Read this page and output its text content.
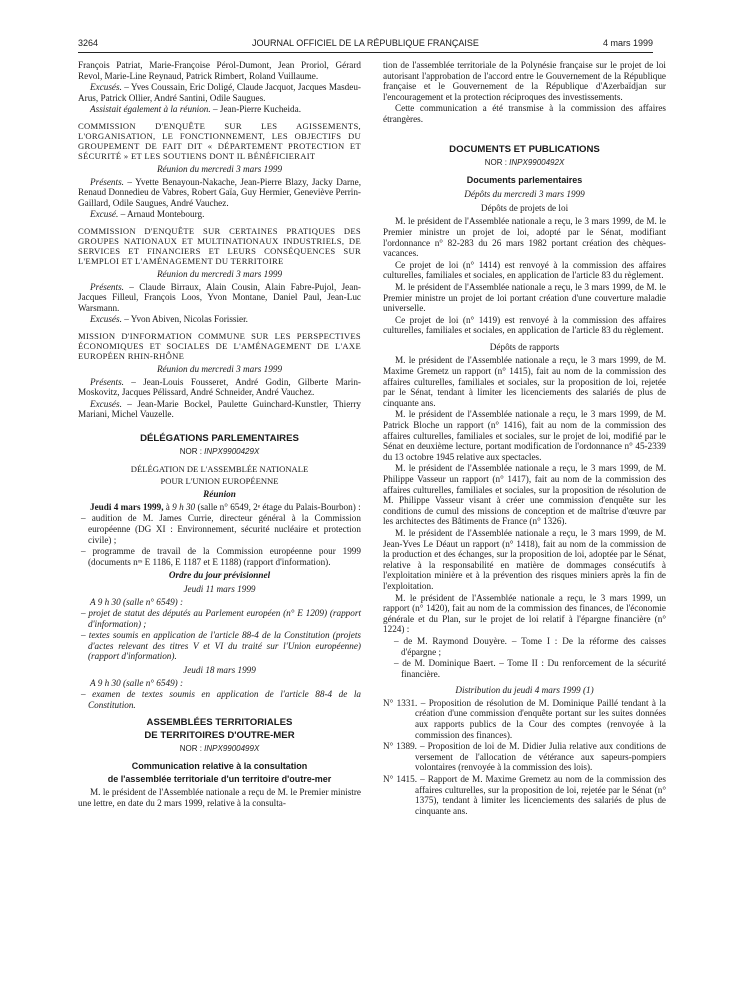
3264	JOURNAL OFFICIEL DE LA RÉPUBLIQUE FRANÇAISE	4 mars 1999

François Patriat, Marie-Françoise Pérol-Dumont, Jean Proriol, Gérard Revol, Marie-Line Reynaud, Patrick Rimbert, Roland Vuillaume.

Excusés. – Yves Coussain, Eric Doligé, Claude Jacquot, Jacques Masdeu-Arus, Patrick Ollier, André Santini, Odile Saugues.

Assistait également à la réunion. – Jean-Pierre Kucheida.

COMMISSION D'ENQUÊTE SUR LES AGISSEMENTS, L'ORGANISATION, LE FONCTIONNEMENT, LES OBJECTIFS DU GROUPEMENT DE FAIT DIT « DÉPARTEMENT PROTECTION ET SÉCURITÉ » ET LES SOUTIENS DONT IL BÉNÉFICIERAIT

Réunion du mercredi 3 mars 1999

Présents. – Yvette Benayoun-Nakache, Jean-Pierre Blazy, Jacky Darne, Renaud Donnedieu de Vabres, Robert Gaïa, Guy Hermier, Geneviève Perrin-Gaillard, Odile Saugues, André Vauchez.

Excusé. – Arnaud Montebourg.

COMMISSION D'ENQUÊTE SUR CERTAINES PRATIQUES DES GROUPES NATIONAUX ET MULTINATIONAUX INDUSTRIELS, DE SERVICES ET FINANCIERS ET LEURS CONSÉQUENCES SUR L'EMPLOI ET L'AMÉNAGEMENT DU TERRITOIRE

Réunion du mercredi 3 mars 1999

Présents. – Claude Birraux, Alain Cousin, Alain Fabre-Pujol, Jean-Jacques Filleul, François Loos, Yvon Montane, Daniel Paul, Jean-Luc Warsmann.

Excusés. – Yvon Abiven, Nicolas Forissier.

MISSION D'INFORMATION COMMUNE SUR LES PERSPECTIVES ÉCONOMIQUES ET SOCIALES DE L'AMÉNAGEMENT DE L'AXE EUROPÉEN RHIN-RHÔNE

Réunion du mercredi 3 mars 1999

Présents. – Jean-Louis Fousseret, André Godin, Gilberte Marin-Moskovitz, Jacques Pélissard, André Schneider, André Vauchez.

Excusés. – Jean-Marie Bockel, Paulette Guinchard-Kunstler, Thierry Mariani, Michel Vauzelle.

DÉLÉGATIONS PARLEMENTAIRES

NOR : INPX9900429X

DÉLÉGATION DE L'ASSEMBLÉE NATIONALE

POUR L'UNION EUROPÉENNE

Réunion

Jeudi 4 mars 1999, à 9 h 30 (salle n° 6549, 2ᵉ étage du Palais-Bourbon) :

– audition de M. James Currie, directeur général à la Commission européenne (DG XI : Environnement, sécurité nucléaire et protection civile) ;

– programme de travail de la Commission européenne pour 1999 (documents nᵒˢ E 1186, E 1187 et E 1188) (rapport d'information).

Ordre du jour prévisionnel

Jeudi 11 mars 1999

A 9 h 30 (salle n° 6549) :

– projet de statut des députés au Parlement européen (n° E 1209) (rapport d'information) ;

– textes soumis en application de l'article 88-4 de la Constitution (projets d'actes relevant des titres V et VI du traité sur l'Union européenne) (rapport d'information).

Jeudi 18 mars 1999

A 9 h 30 (salle n° 6549) :

– examen de textes soumis en application de l'article 88-4 de la Constitution.

ASSEMBLÉES TERRITORIALES

DE TERRITOIRES D'OUTRE-MER

NOR : INPX9900499X

Communication relative à la consultation

de l'assemblée territoriale d'un territoire d'outre-mer

M. le président de l'Assemblée nationale a reçu de M. le Premier ministre une lettre, en date du 2 mars 1999, relative à la consulta-

tion de l'assemblée territoriale de la Polynésie française sur le projet de loi autorisant l'approbation de l'accord entre le Gouvernement de la République française et le Gouvernement de la République d'Azerbaïdjan sur l'encouragement et la protection réciproques des investissements.

Cette communication a été transmise à la commission des affaires étrangères.

DOCUMENTS ET PUBLICATIONS

NOR : INPX9900492X

Documents parlementaires

Dépôts du mercredi 3 mars 1999

Dépôts de projets de loi

M. le président de l'Assemblée nationale a reçu, le 3 mars 1999, de M. le Premier ministre un projet de loi, adopté par le Sénat, modifiant l'ordonnance n° 82-283 du 26 mars 1982 portant création des chèques-vacances.

Ce projet de loi (n° 1414) est renvoyé à la commission des affaires culturelles, familiales et sociales, en application de l'article 83 du règlement.

M. le président de l'Assemblée nationale a reçu, le 3 mars 1999, de M. le Premier ministre un projet de loi portant création d'une couverture maladie universelle.

Ce projet de loi (n° 1419) est renvoyé à la commission des affaires culturelles, familiales et sociales, en application de l'article 83 du règlement.

Dépôts de rapports

M. le président de l'Assemblée nationale a reçu, le 3 mars 1999, de M. Maxime Gremetz un rapport (n° 1415), fait au nom de la commission des affaires culturelles, familiales et sociales, sur la proposition de loi, rejetée par le Sénat, tendant à limiter les licenciements des salariés de plus de cinquante ans.

M. le président de l'Assemblée nationale a reçu, le 3 mars 1999, de M. Patrick Bloche un rapport (n° 1416), fait au nom de la commission des affaires culturelles, familiales et sociales, sur le projet de loi, modifié par le Sénat en deuxième lecture, portant modification de l'ordonnance n° 45-2339 du 13 octobre 1945 relative aux spectacles.

M. le président de l'Assemblée nationale a reçu, le 3 mars 1999, de M. Philippe Vasseur un rapport (n° 1417), fait au nom de la commission des affaires culturelles, familiales et sociales, sur la proposition de résolution de M. Philippe Vasseur visant à créer une commission d'enquête sur les conditions de cumul des missions de conception et de maîtrise d'œuvre par les architectes des Bâtiments de France (n° 1326).

M. le président de l'Assemblée nationale a reçu, le 3 mars 1999, de M. Jean-Yves Le Déaut un rapport (n° 1418), fait au nom de la commission de la production et des échanges, sur la proposition de loi, adoptée par le Sénat, relative à la responsabilité en matière de dommages consécutifs à l'exploitation minière et à la prévention des risques miniers après la fin de l'exploitation.

M. le président de l'Assemblée nationale a reçu, le 3 mars 1999, un rapport (n° 1420), fait au nom de la commission des finances, de l'économie générale et du Plan, sur le projet de loi relatif à l'épargne financière (n° 1224) :

– de M. Raymond Douyère. – Tome I : De la réforme des caisses d'épargne ;

– de M. Dominique Baert. – Tome II : Du renforcement de la sécurité financière.

Distribution du jeudi 4 mars 1999 (1)

N° 1331. – Proposition de résolution de M. Dominique Paillé tendant à la création d'une commission d'enquête portant sur les suites données aux rapports publics de la Cour des comptes (renvoyée à la commission des finances).

N° 1389. – Proposition de loi de M. Didier Julia relative aux conditions de versement de l'allocation de vétérance aux sapeurs-pompiers volontaires (renvoyée à la commission des lois).

N° 1415. – Rapport de M. Maxime Gremetz au nom de la commission des affaires culturelles, sur la proposition de loi, rejetée par le Sénat (n° 1375), tendant à limiter les licenciements des salariés de plus de cinquante ans.
